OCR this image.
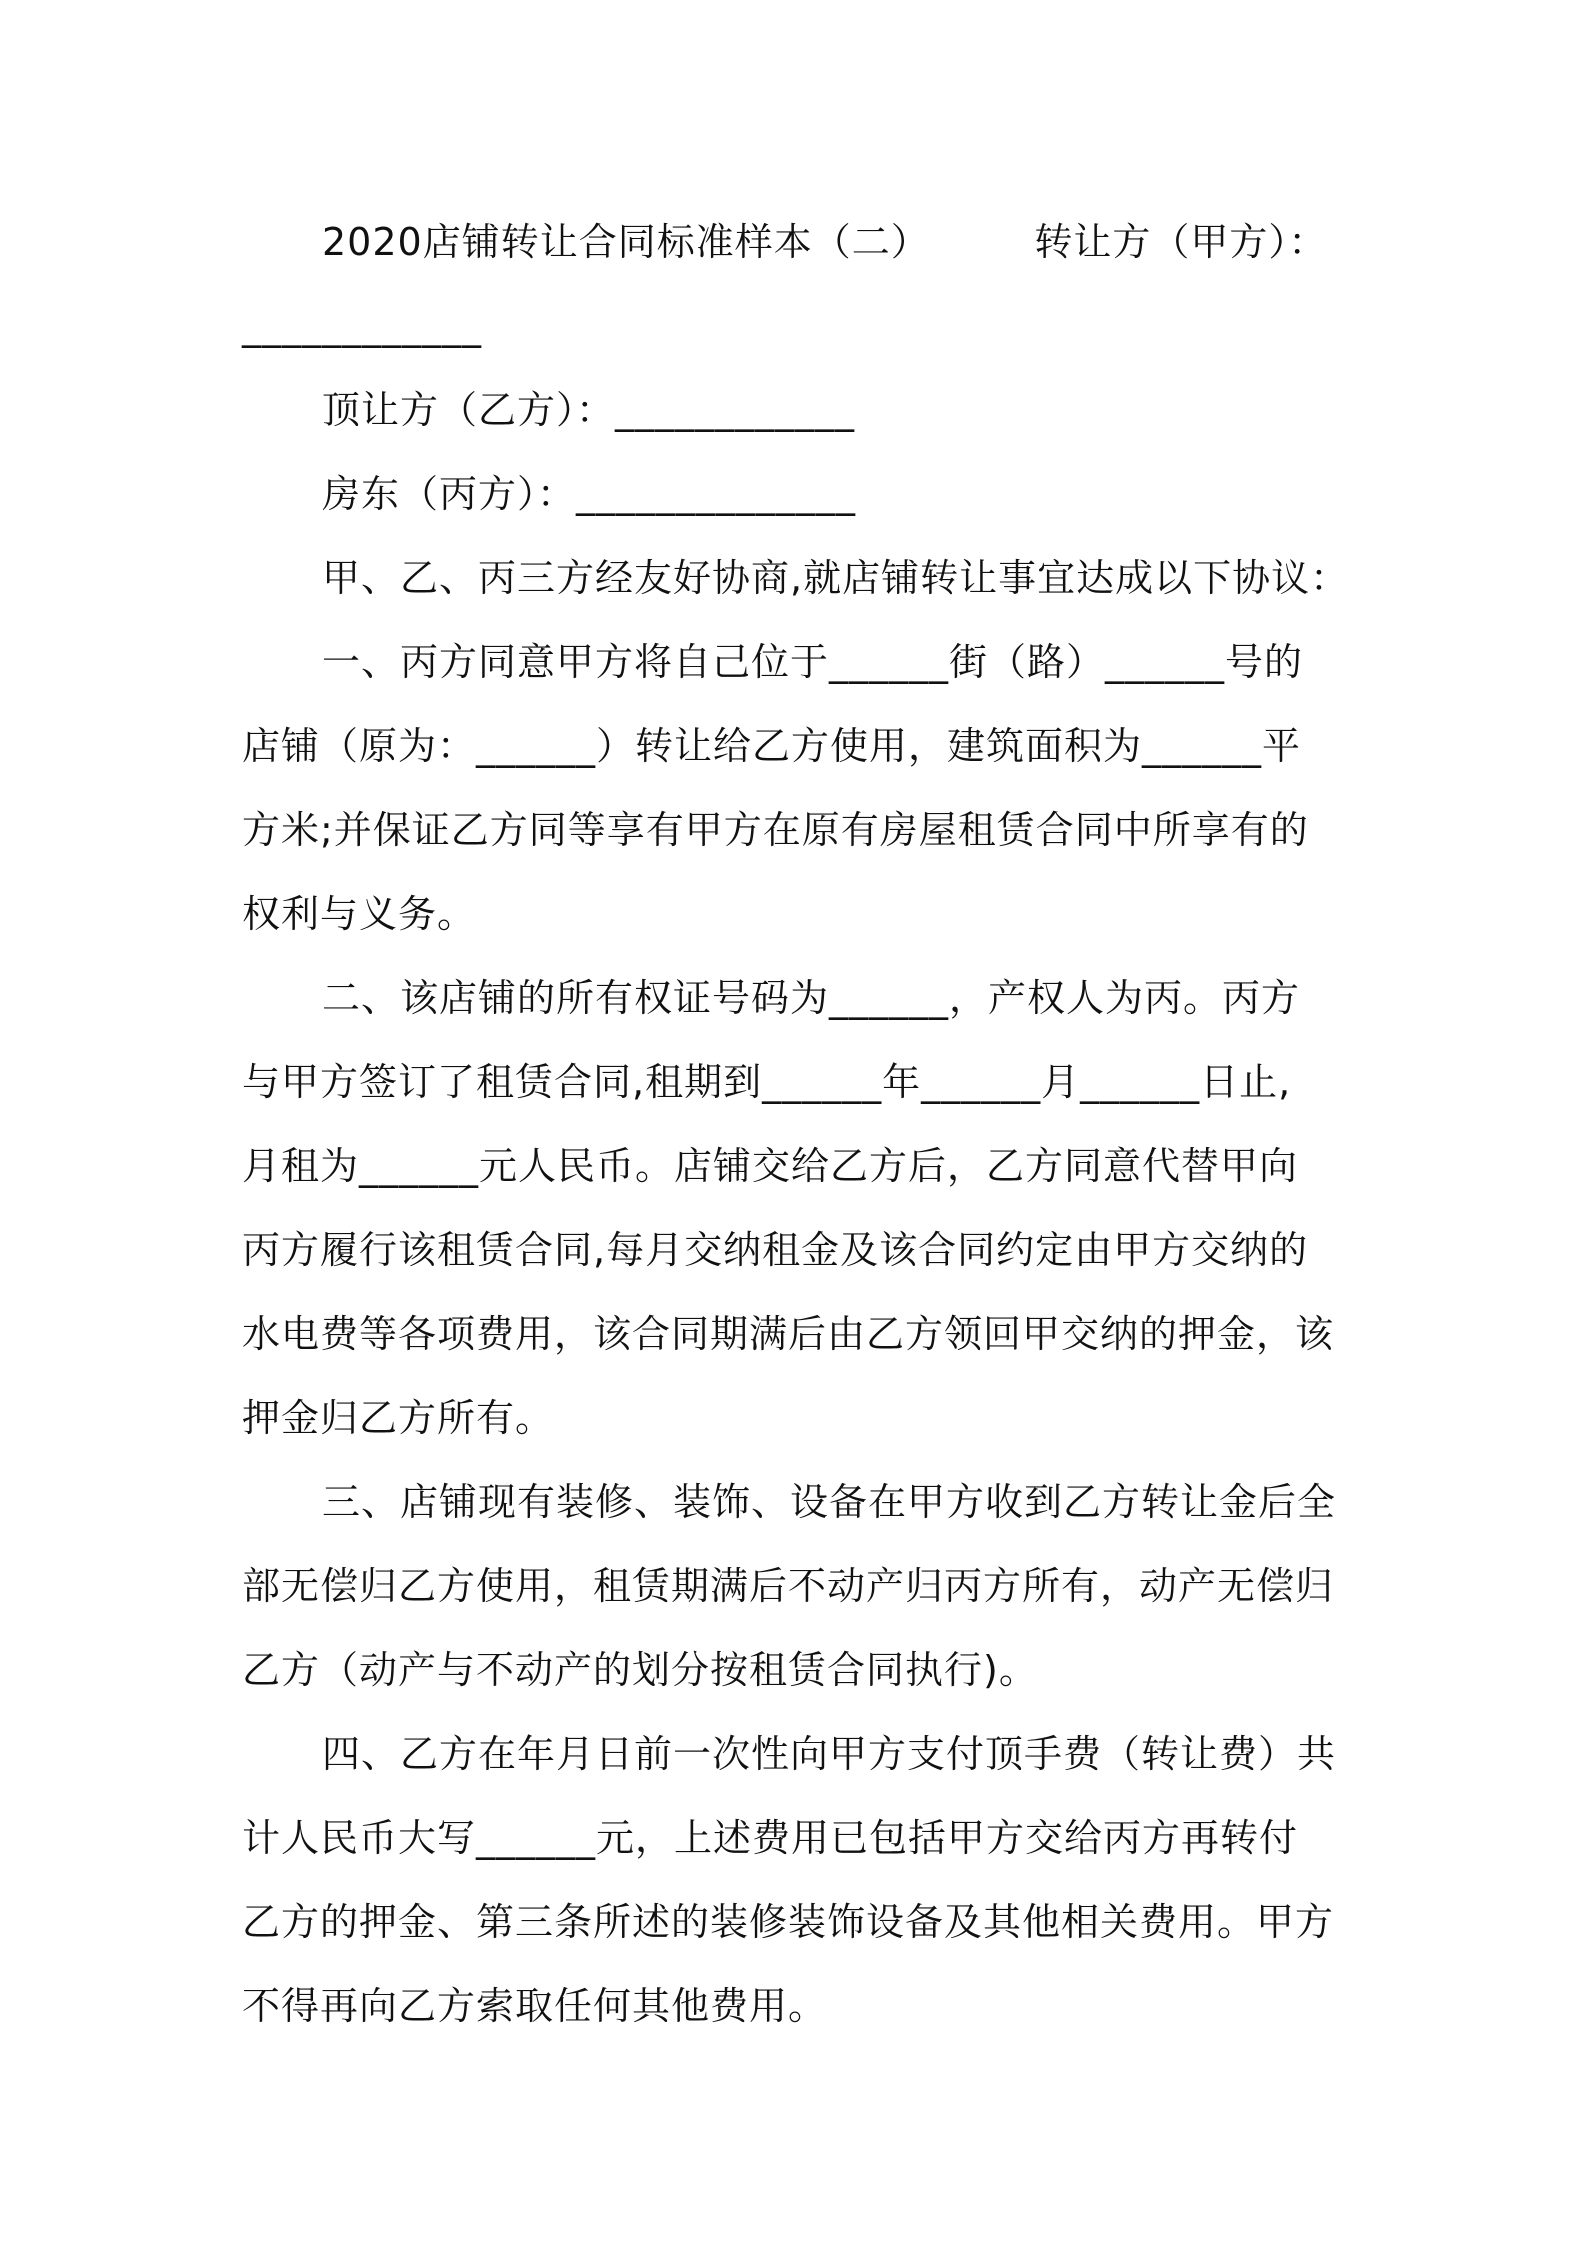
2020店铺转让合同标准样本（二）        转让方（甲方）：
____________
顶让方（乙方）：____________
房东（丙方）：______________
甲、乙、丙三方经友好协商,就店铺转让事宜达成以下协议：
一、丙方同意甲方将自己位于______街（路）______号的
店铺（原为：______）转让给乙方使用，建筑面积为______平
方米;并保证乙方同等享有甲方在原有房屋租赁合同中所享有的
权利与义务。
二、该店铺的所有权证号码为______，产权人为丙。丙方
与甲方签订了租赁合同,租期到______年______月______日止,
月租为______元人民币。店铺交给乙方后，乙方同意代替甲向
丙方履行该租赁合同,每月交纳租金及该合同约定由甲方交纳的
水电费等各项费用，该合同期满后由乙方领回甲交纳的押金，该
押金归乙方所有。
三、店铺现有装修、装饰、设备在甲方收到乙方转让金后全
部无偿归乙方使用，租赁期满后不动产归丙方所有，动产无偿归
乙方（动产与不动产的划分按租赁合同执行)。
四、乙方在年月日前一次性向甲方支付顶手费（转让费）共
计人民币大写______元，上述费用已包括甲方交给丙方再转付
乙方的押金、第三条所述的装修装饰设备及其他相关费用。甲方
不得再向乙方索取任何其他费用。
